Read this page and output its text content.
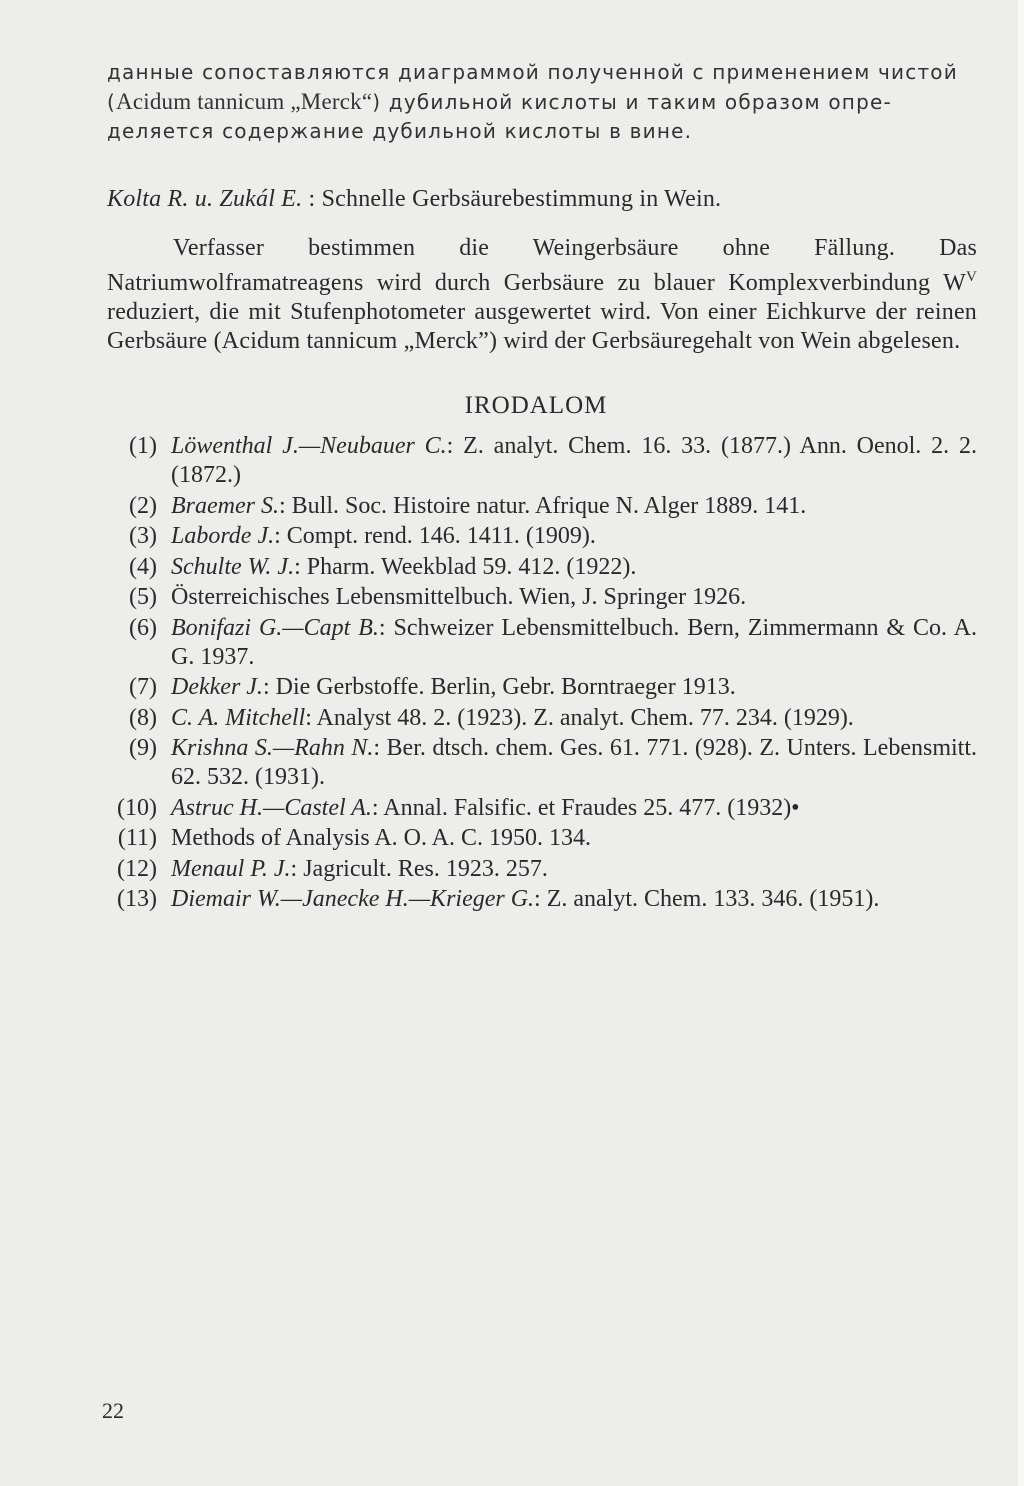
данные сопоставляются диаграммой полученной с применением чистой
(Acidum tannicum „Merck“) дубильной кислоты и таким образом опре-
деляется содержание дубильной кислоты в вине.

Kolta R. u. Zukál E. : Schnelle Gerbsäurebestimmung in Wein.

Verfasser bestimmen die Weingerbsäure ohne Fällung. Das Natriumwolframatreagens wird durch Gerbsäure zu blauer Komplexverbindung $W^V$ reduziert, die mit Stufenphotometer ausgewertet wird. Von einer Eichkurve der reinen Gerbsäure (Acidum tannicum „Merck”) wird der Gerbsäuregehalt von Wein abgelesen.

IRODALOM
(1) Löwenthal J.—Neubauer C.: Z. analyt. Chem. 16. 33. (1877.) Ann. Oenol. 2. 2. (1872.)
(2) Braemer S.: Bull. Soc. Histoire natur. Afrique N. Alger 1889. 141.
(3) Laborde J.: Compt. rend. 146. 1411. (1909).
(4) Schulte W. J.: Pharm. Weekblad 59. 412. (1922).
(5) Österreichisches Lebensmittelbuch. Wien, J. Springer 1926.
(6) Bonifazi G.—Capt B.: Schweizer Lebensmittelbuch. Bern, Zimmermann & Co. A. G. 1937.
(7) Dekker J.: Die Gerbstoffe. Berlin, Gebr. Borntraeger 1913.
(8) C. A. Mitchell: Analyst 48. 2. (1923). Z. analyt. Chem. 77. 234. (1929).
(9) Krishna S.—Rahn N.: Ber. dtsch. chem. Ges. 61. 771. (928). Z. Unters. Lebensmitt. 62. 532. (1931).
(10) Astruc H.—Castel A.: Annal. Falsific. et Fraudes 25. 477. (1932)•
(11) Methods of Analysis A. O. A. C. 1950. 134.
(12) Menaul P. J.: Jagricult. Res. 1923. 257.
(13) Diemair W.—Janecke H.—Krieger G.: Z. analyt. Chem. 133. 346. (1951).
22
